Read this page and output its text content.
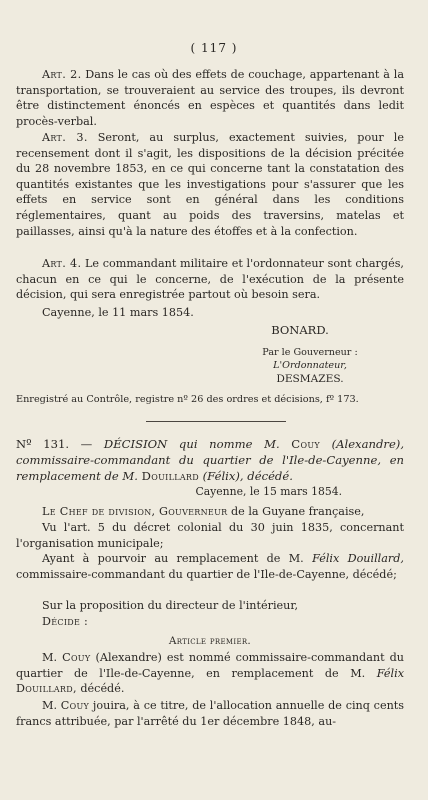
( 117 )

Art. 2. Dans le cas où des effets de couchage, appartenant à la transportation, se trouveraient au service des troupes, ils devront être distinctement énoncés en espèces et quantités dans ledit procès-verbal.

Art. 3. Seront, au surplus, exactement suivies, pour le recensement dont il s'agit, les dispositions de la décision précitée du 28 novembre 1853, en ce qui concerne tant la constatation des quantités existantes que les investigations pour s'assurer que les effets en service sont en général dans les conditions réglementaires, quant au poids des traversins, matelas et paillasses, ainsi qu'à la nature des étoffes et à la confection.

Art. 4. Le commandant militaire et l'ordonnateur sont chargés, chacun en ce qui le concerne, de l'exécution de la présente décision, qui sera enregistrée partout où besoin sera.

Cayenne, le 11 mars 1854.

BONARD.

Par le Gouverneur :

L'Ordonnateur,

DESMAZES.

Enregistré au Contrôle, registre nº 26 des ordres et décisions, fº 173.

Nº 131. — DÉCISION qui nomme M. Couy (Alexandre), commissaire-commandant du quartier de l'Ile-de-Cayenne, en remplacement de M. Douillard (Félix), décédé.

Cayenne, le 15 mars 1854.

Le Chef de division, Gouverneur de la Guyane française,

Vu l'art. 5 du décret colonial du 30 juin 1835, concernant l'organisation municipale;

Ayant à pourvoir au remplacement de M. Félix Douillard, commissaire-commandant du quartier de l'Ile-de-Cayenne, décédé;

Sur la proposition du directeur de l'intérieur,

Décide :

Article premier.

M. Couy (Alexandre) est nommé commissaire-commandant du quartier de l'Ile-de-Cayenne, en remplacement de M. Félix Douillard, décédé.

M. Couy jouira, à ce titre, de l'allocation annuelle de cinq cents francs attribuée, par l'arrêté du 1er décembre 1848, au-
